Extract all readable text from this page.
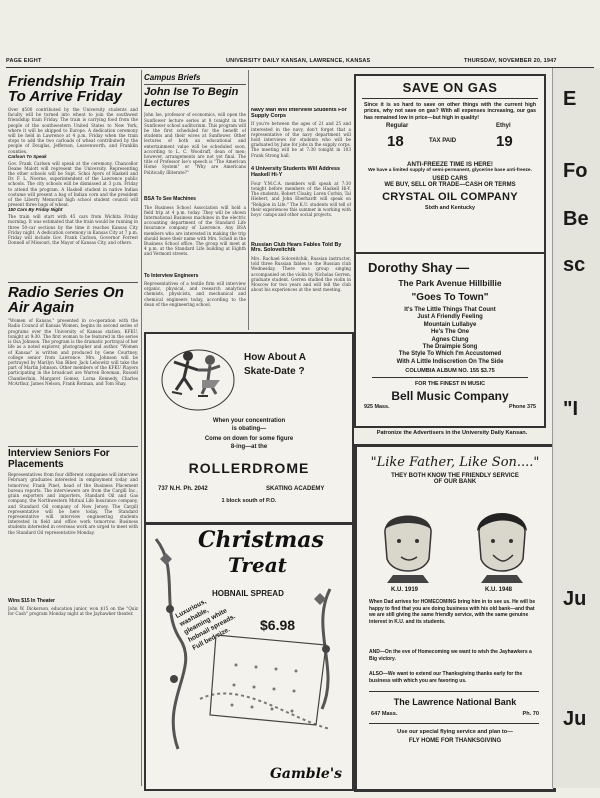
PAGE EIGHT	UNIVERSITY DAILY KANSAN, LAWRENCE, KANSAS	THURSDAY, NOVEMBER 20, 1947
Friendship Train To Arrive Friday
Over $500 contributed by the University students and faculty will be turned into wheat to join the southwest friendship train Friday. The train is carrying food from the people of the southwestern United States to New York, where it will be shipped to Europe. A dedication ceremony will be held in Lawrence at 4 p.m. Friday when the train stops to add the two carloads of wheat contributed by the people of Douglas, Jefferson, Leavenworth, and Franklin counties.
Carlson To Speak
Gov. Frank Carlson will speak at the ceremony. Chancellor Deane Malott will represent the University. Representing the other schools will be Supt. Schoi Ayers of Haskell and Dr. F. L. Noerne, superintendent of the Lawrence public schools. The city schools will be dismissed at 3 p.m. Friday to attend the program. A Haskell student in native Indian costume will present a bag of Indian corn and the president of the Liberty Memorial high school student council will present three bags of wheat.
150 Cars By Friday Night
The train will start with 45 cars from Wichita Friday morning. It was estimated that the train would be running in three 50-car sections by the time it reaches Kansas City Friday night. A dedication ceremony in Kansas City at 7 p.m. Friday will include Gov. Frank Carlson, Governor Forrest Donnell of Missouri, the Mayor of Kansas City, and others.
Radio Series On Air Again
"Women of Kansas," presented in co-operation with the Radio Council of Kansas Women, begins its second series of programs over the University of Kansas station, KFKU, tonight at 9:30. The first woman to be featured in the series is Osa Johnson. The program is the dramatic portrayal of her life as a noted explorer, photographer and author. "Women of Kansas" is written and produced by Gene Courtney, college senior from Lawrence. Mrs. Johnson will be portrayed by Marilyn Van Biber. Jack Lebowitz will take the part of Martin Johnson. Other members of the KFKU Players participating in the broadcast are Warren Bowman, Russell Chamberlain, Margaret Gomez, Lorna Kennedy, Charles McArthur, James Nelson, Frank Rotman, and Tom Shay.
Interview Seniors For Placements
Representatives from four different companies will interview February graduates interested in employment today and tomorrow, Frank Pinet, head of the Business Placement bureau reports. The interviewers are from the Cargill Inc., grain exporters and importers, Standard Oil and Gas company, the Northwestern Mutual Life Insurance company, and Standard Oil company of New Jersey. The Cargill representative will be here today. The Standard representative will interview engineering students interested in field and office work tomorrow. Business students interested in overseas work are urged to meet with the Standard Oil representative Monday.
Wins $15 In Theater
John W. Dickerson, education junior, won $15 on the "Quiz for Cash" program Monday night at the Jayhawker theater.
Campus Briefs
John Ise To Begin Lectures
John Ise, professor of economics, will open the Sunflower lecture series at 8 tonight in the Sunflower school auditorium. This program will be the first scheduled for the benefit of students and their wives at Sunflower. Other lectures of both an educational and entertainment value will be scheduled soon, according to L. C. Woodruff, dean of men; however, arrangements are not yet final. The title of Professor Ise's speech is "The American Home System" or "Why are Americans Politically Illiterate?"
BSA To See Machines
The Business School Association will hold a field trip at 4 p.m. today. They will be shown International Business machines in the electric accounting department of the Standard Life Insurance company of Lawrence. Any BSA members who are interested in making the trip should leave their name with Mrs. Schell in the Business School office. The group will meet at 4 p.m. at the Standard Life building at Eighth and Vermont streets.
To Interview Engineers
Representatives of a textile firm will interview organic, physical, and research analytical chemists, physicists, and mechanical and chemical engineers today, according to the dean of the engineering school.
Navy Man Will Interview Students For Supply Corps
If you're between the ages of 21 and 25 and interested in the navy, don't forget that a representative of the navy department will hold interviews for students who will be graduated by June for jobs in the supply corps. The meeting will be at 7:30 tonight in 103 Frank Strong hall.
4 University Students Will Address Haskell Hi-Y
Four Y.M.C.A. members will speak at 7:30 tonight before members of the Haskell Hi-Y. The students, Robert Cloaky, Loren Corbin, Tal Hiebert, and John Eberhardt will speak on "Religion in Life." The K.U. students will tell of their experiences this summer in working with boys' camps and other social projects.
Russian Club Hears Fables Told By Mrs. Soloveitchik
Mrs. Rachael Soloveitchik, Russian instructor, told three Russian fables to the Russian club Wednesday. There was group singing accompanied on the violin by Nicholas Gerren, graduate student. Gerren studied the violin in Moscow for two years and will tell the club about his experiences at the next meeting.
SAVE ON GAS
Since it is so hard to save on other things with the current high prices, why not save on gas? With all expenses increasing, our gas has remained low in price—but high in quality!
Regular
18	TAX PAID
Ethyl
19
ANTI-FREEZE TIME IS HERE!
We have a limited supply of semi-permanent, glycerine base anti-freeze.
USED CARS
WE BUY, SELL OR TRADE—CASH OR TERMS
CRYSTAL OIL COMPANY
Sixth and Kentucky
Dorothy Shay —
The Park Avenue Hillbillie
"Goes To Town"
It's The Little Things That Count
Just A Friendly Feeling
Mountain Lullabye
He's The One
Agnes Clung
The Draimpie Song
The Style To Which I'm Accustomed
With A Little Indiscretion On The Side
COLUMBIA ALBUM NO. 155 $3.75
FOR THE FINEST IN MUSIC
Bell Music Company
925 Mass.	Phone 375
How About A
Skate-Date ?
When your concentration
is obating—
Come on down for some figure
8-ing—at the
ROLLERDROME
737 N.H. Ph. 2042	SKATING ACADEMY
1 block south of P.O.
Christmas
Treat
HOBNAIL SPREAD
Luxurious, washable, gleaming white hobnail spreads. Full bed size.
$6.98
Gamble's
Patronize the Advertisers in the University Daily Kansan.
"Like Father, Like Son...."
THEY BOTH KNOW THE FRIENDLY SERVICE
OF OUR BANK
K.U. 1919	K.U. 1948
When Dad arrives for HOMECOMING bring him in to see us. He will be happy to find that you are doing business with his old bank—and that we are still giving the same friendly service, with the same genuine interest in K.U. and its students.
AND—On the eve of Homecoming we want to wish the Jayhawkers a Big victory.
ALSO—We want to extend our Thanksgiving thanks early for the business with which you are favoring us.
The Lawrence National Bank
647 Mass.	Ph. 70
Use our special flying service and plan to—
FLY HOME FOR THANKSGIVING
E
Fo
Be
sc
"I
Ju
Ju
